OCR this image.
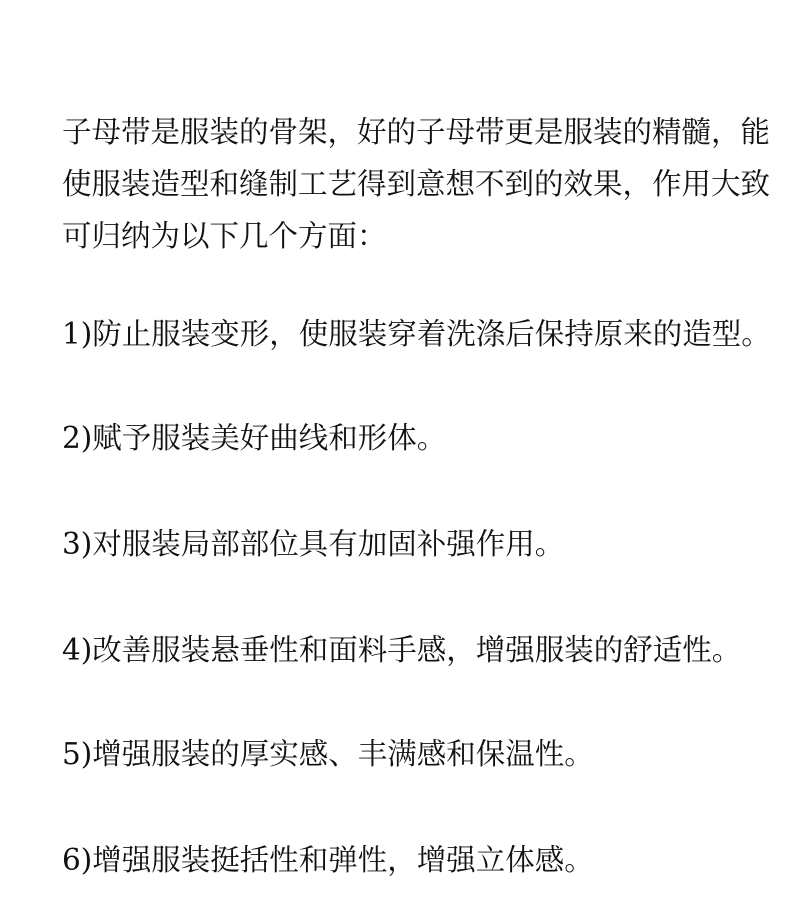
子母带是服装的骨架，好的子母带更是服装的精髓，能
使服装造型和缝制工艺得到意想不到的效果，作用大致
可归纳为以下几个方面：

1)防止服装变形，使服装穿着洗涤后保持原来的造型。

2)赋予服装美好曲线和形体。

3)对服装局部部位具有加固补强作用。

4)改善服装悬垂性和面料手感，增强服装的舒适性。

5)增强服装的厚实感、丰满感和保温性。

6)增强服装挺括性和弹性，增强立体感。
